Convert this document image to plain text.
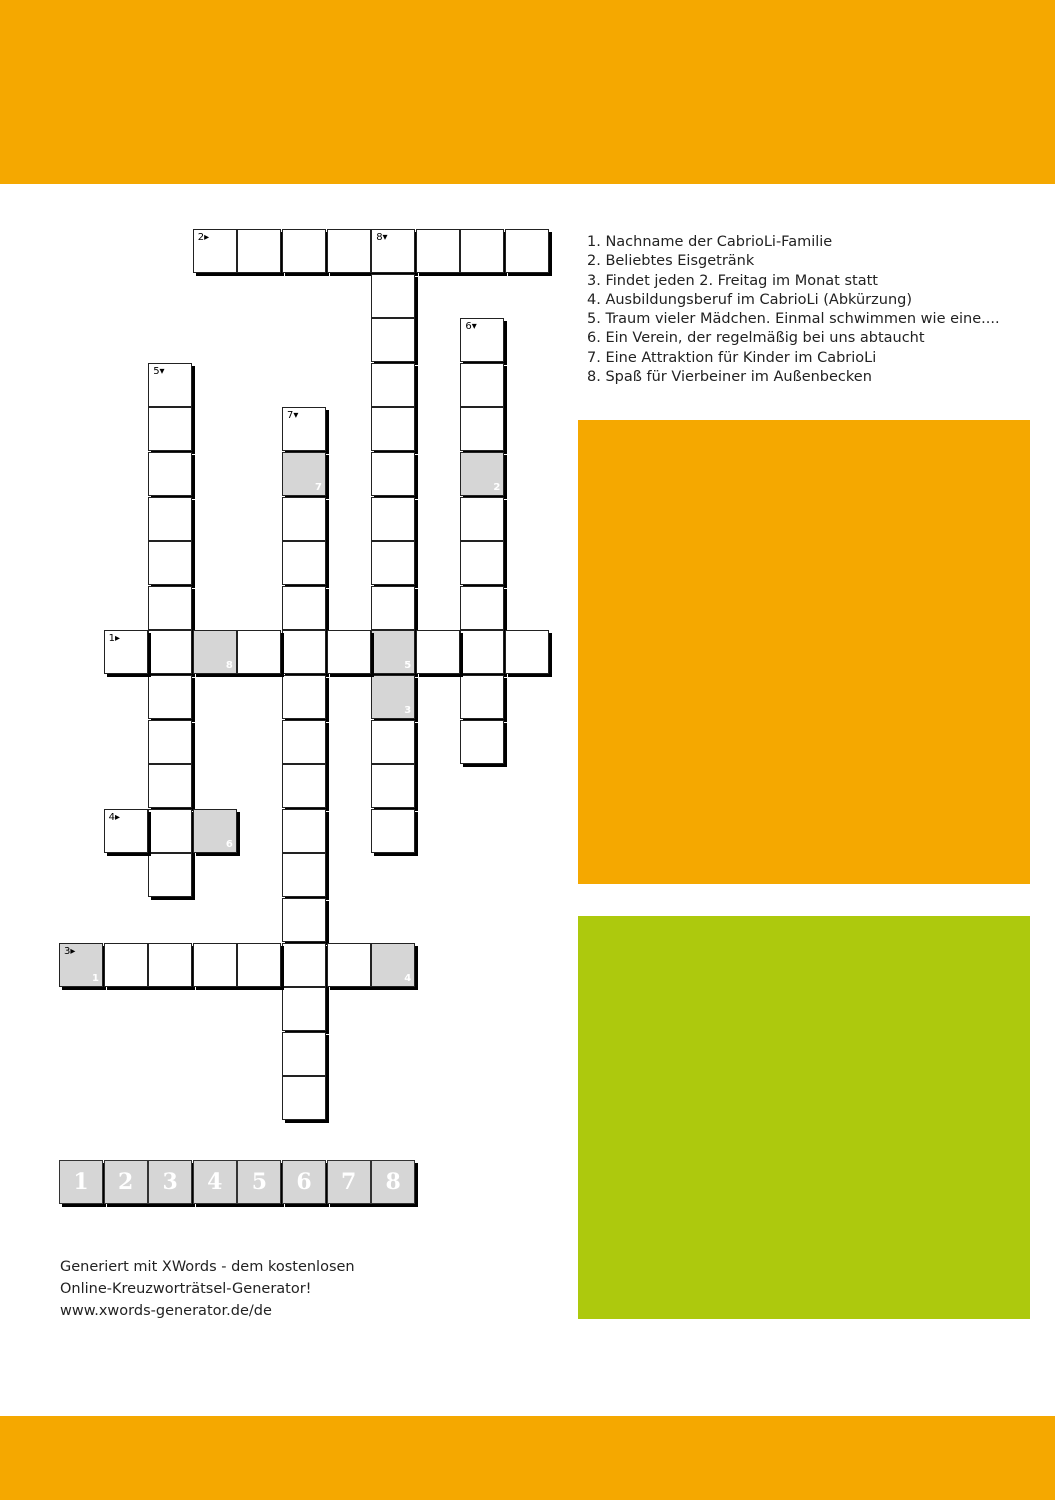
2▸	8▾
5
3
6▾
2
5▾
7▾
7
1▸
8
4▸
6
3▸
1	4
1. Nachname der CabrioLi-Familie
2. Beliebtes Eisgetränk
3. Findet jeden 2. Freitag im Monat statt
4. Ausbildungsberuf im CabrioLi (Abkürzung)
5. Traum vieler Mädchen. Einmal schwimmen wie eine....
6. Ein Verein, der regelmäßig bei uns abtaucht
7. Eine Attraktion für Kinder im CabrioLi
8. Spaß für Vierbeiner im Außenbecken
1	2	3	4	5	6	7	8
Generiert mit XWords - dem kostenlosen
Online-Kreuzworträtsel-Generator!
www.xwords-generator.de/de
